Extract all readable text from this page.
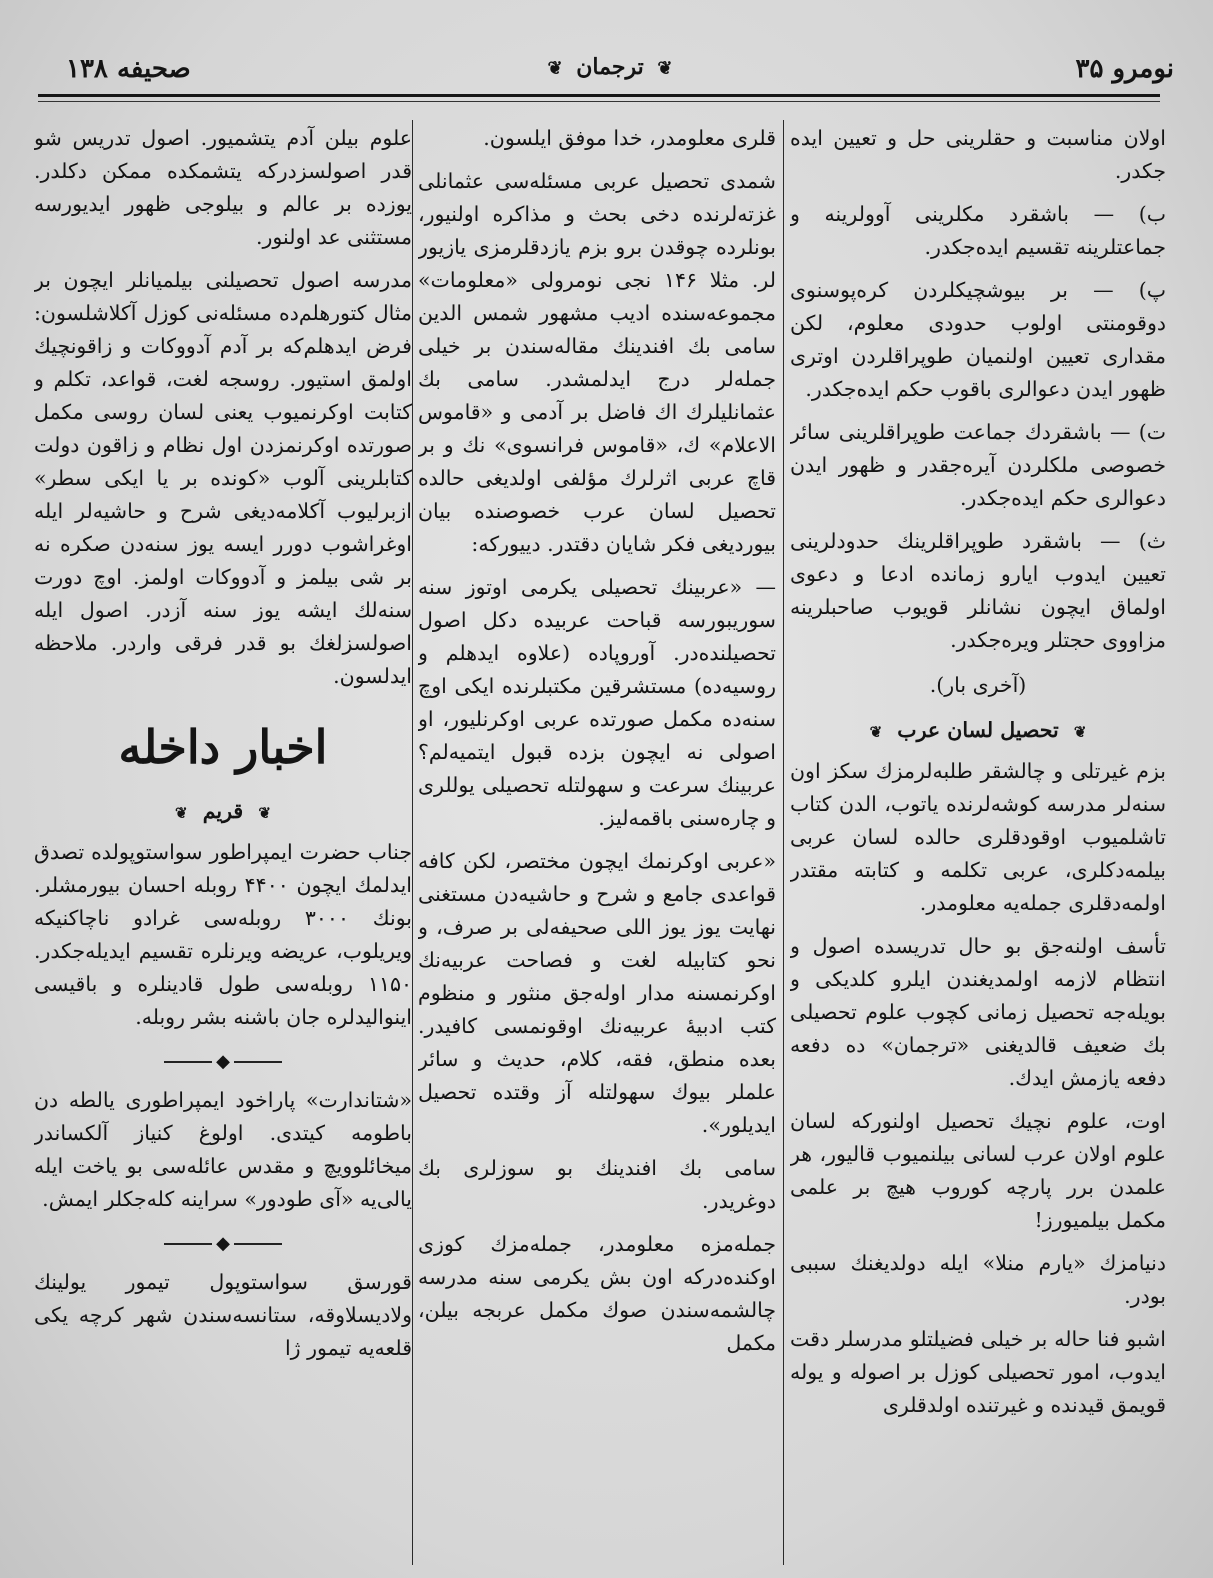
صحیفه ۱۳۸	❦ ترجمان ❦	نومرو ۳۵

اولان مناسبت و حقلرینی حل و تعیین ایده جکدر.

ب) — باشقرد مکلرینی آوولرینه و جماعتلرینه تقسیم ایده‌جکدر.

پ) — بر بیوشچیکلردن کره‌پوسنوی دوقومنتی اولوب حدودی معلوم، لکن مقداری تعیین اولنمیان طوپراقلردن اوتری ظهور ایدن دعوالری باقوب حکم ایده‌جکدر.

ت) — باشقردك جماعت طوپراقلرینی سائر خصوصی ملکلردن آیره‌جقدر و ظهور ایدن دعوالری حکم ایده‌جکدر.

ث) — باشقرد طوپراقلرینك حدودلرینی تعیین ایدوب ایارو زمانده ادعا و دعوی اولماق ایچون نشانلر قویوب صاحبلرینه مزاووی حجتلر ویره‌جکدر.

(آخری بار).
❦ تحصیل لسان عرب ❦

بزم غیرتلی و چالشقر طلبه‌لرمزك سکز اون سنه‌لر مدرسه کوشه‌لرنده یاتوب، الدن کتاب تاشلمیوب اوقودقلری حالده لسان عربی بیلمه‌دکلری، عربی تکلمه و کتابته مقتدر اولمه‌دقلری جمله‌یه معلومدر.

تأسف اولنه‌جق بو حال تدریسده اصول و انتظام لازمه اولمدیغندن ایلرو کلدیکی و بویله‌جه تحصیل زمانی کچوب علوم تحصیلی بك ضعیف قالدیغنی «ترجمان» ده دفعه دفعه یازمش ایدك.

اوت، علوم نچیك تحصیل اولنورکه لسان علوم اولان عرب لسانی بیلنمیوب قالیور، هر علمدن برر پارچه کوروب هیچ بر علمی مکمل بیلمیورز!

دنیامزك «یارم منلا» ایله دولدیغنك سببی بودر.

اشبو فنا حاله بر خیلی فضیلتلو مدرسلر دقت ایدوب، امور تحصیلی کوزل بر اصوله و یوله قویمق قیدنده و غیرتنده اولدقلری

قلری معلومدر، خدا موفق ایلسون.

شمدی تحصیل عربی مسئله‌سی عثمانلی غزته‌لرنده دخی بحث و مذاکره اولنیور، بونلرده چوقدن برو بزم یازدقلرمزی یازیور لر. مثلا ۱۴۶ نجی نومرولی «معلومات» مجموعه‌سنده ادیب مشهور شمس الدین سامی بك افندینك مقاله‌سندن بر خیلی جمله‌لر درج ایدلمشدر. سامی بك عثمانلیلرك اك فاضل بر آدمی و «قاموس الاعلام» ك، «قاموس فرانسوی» نك و بر قاچ عربی اثرلرك مؤلفی اولدیغی حالده تحصیل لسان عرب خصوصنده بیان بیوردیغی فکر شایان دقتدر. دییورکه:

— «عربینك تحصیلی یکرمی اوتوز سنه سوریبورسه قباحت عربیده دکل اصول تحصیلنده‌در. آوروپاده (علاوه ایدهلم و روسیه‌ده) مستشرقین مکتبلرنده ایکی اوچ سنه‌ده مکمل صورتده عربی اوکرنلیور، او اصولی نه ایچون بزده قبول ایتمیه‌لم؟ عربینك سرعت و سهولتله تحصیلی یوللری و چاره‌سنی باقمه‌لیز.

«عربی اوکرنمك ایچون مختصر، لکن کافه قواعدی جامع و شرح و حاشیه‌دن مستغنی نهایت یوز یوز اللی صحیفه‌لی بر صرف، و نحو کتابیله لغت و فصاحت عربیه‌نك اوکرنمسنه مدار اوله‌جق منثور و منظوم کتب ادبیهٔ عربیه‌نك اوقونمسی کافیدر. بعده منطق، فقه، کلام، حدیث و سائر علملر بیوك سهولتله آز وقتده تحصیل ایدیلور».

سامی بك افندینك بو سوزلری بك دوغریدر.

جمله‌مزه معلومدر، جمله‌مزك کوزی اوکنده‌درکه اون بش یکرمی سنه مدرسه چالشمه‌سندن صوك مکمل عربجه بیلن، مکمل

علوم بیلن آدم یتشمیور. اصول تدریس شو قدر اصولسزدرکه یتشمکده ممکن دکلدر. یوزده بر عالم و بیلوجی ظهور ایدیورسه مستثنی عد اولنور.

مدرسه اصول تحصیلنی بیلمیانلر ایچون بر مثال کتورهلم‌ده مسئله‌نی کوزل آکلاشلسون: فرض ایدهلم‌که بر آدم آدووکات و زاقونچیك اولمق استیور. روسجه لغت، قواعد، تکلم و کتابت اوکرنمیوب یعنی لسان روسی مکمل صورتده اوکرنمزدن اول نظام و زاقون دولت کتابلرینی آلوب «کونده بر یا ایکی سطر» ازبرلیوب آکلامه‌دیغی شرح و حاشیه‌لر ایله اوغراشوب دورر ایسه یوز سنه‌دن صکره نه بر شی بیلمز و آدووکات اولمز. اوچ دورت سنه‌لك ایشه یوز سنه آزدر. اصول ایله اصولسزلغك بو قدر فرقی واردر. ملاحظه ایدلسون.

اخبار داخله
❦ قریم ❦

جناب حضرت ایمپراطور سواستوپولده تصدق ایدلمك ایچون ۴۴۰۰ روبله احسان بیورمشلر. بونك ۳۰۰۰ روبله‌سی غرادو ناچاکنیکه ویریلوب، عریضه ویرنلره تقسیم ایدیله‌جکدر. ۱۱۵۰ روبله‌سی طول قادینلره و باقیسی اینوالیدلره جان باشنه بشر روبله.

◆

«شتاندارت» پاراخود ایمپراطوری یالطه دن باطومه کیتدی. اولوغ کنیاز آلکساندر میخائلوویچ و مقدس عائله‌سی بو یاخت ایله یالی‌یه «آی طودور» سراینه کله‌جکلر ایمش.

◆

قورسق سواستوپول تیمور یولینك ولادیسلاوقه، ستانسه‌سندن شهر کرچه یکی قلعه‌یه تیمور ژا
